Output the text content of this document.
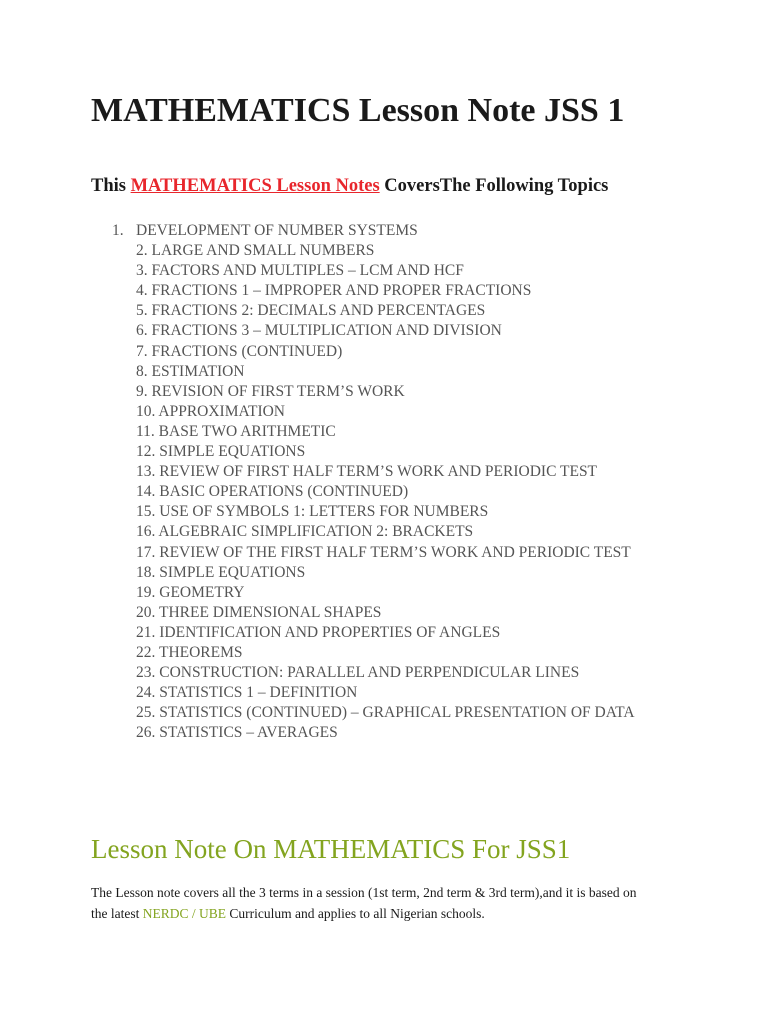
MATHEMATICS Lesson Note JSS 1

This MATHEMATICS Lesson Notes CoversThe Following Topics

1. DEVELOPMENT OF NUMBER SYSTEMS
2. LARGE AND SMALL NUMBERS
3. FACTORS AND MULTIPLES – LCM AND HCF
4. FRACTIONS 1 – IMPROPER AND PROPER FRACTIONS
5. FRACTIONS 2: DECIMALS AND PERCENTAGES
6. FRACTIONS 3 – MULTIPLICATION AND DIVISION
7. FRACTIONS (CONTINUED)
8. ESTIMATION
9. REVISION OF FIRST TERM’S WORK
10. APPROXIMATION
11. BASE TWO ARITHMETIC
12. SIMPLE EQUATIONS
13. REVIEW OF FIRST HALF TERM’S WORK AND PERIODIC TEST
14. BASIC OPERATIONS (CONTINUED)
15. USE OF SYMBOLS 1: LETTERS FOR NUMBERS
16. ALGEBRAIC SIMPLIFICATION 2: BRACKETS
17. REVIEW OF THE FIRST HALF TERM’S WORK AND PERIODIC TEST
18. SIMPLE EQUATIONS
19. GEOMETRY
20. THREE DIMENSIONAL SHAPES
21. IDENTIFICATION AND PROPERTIES OF ANGLES
22. THEOREMS
23. CONSTRUCTION: PARALLEL AND PERPENDICULAR LINES
24. STATISTICS 1 – DEFINITION
25. STATISTICS (CONTINUED) – GRAPHICAL PRESENTATION OF DATA
26. STATISTICS – AVERAGES
Lesson Note On MATHEMATICS For JSS1

The Lesson note covers all the 3 terms in a session (1st term, 2nd term & 3rd term),and it is based on the latest NERDC / UBE Curriculum and applies to all Nigerian schools.
